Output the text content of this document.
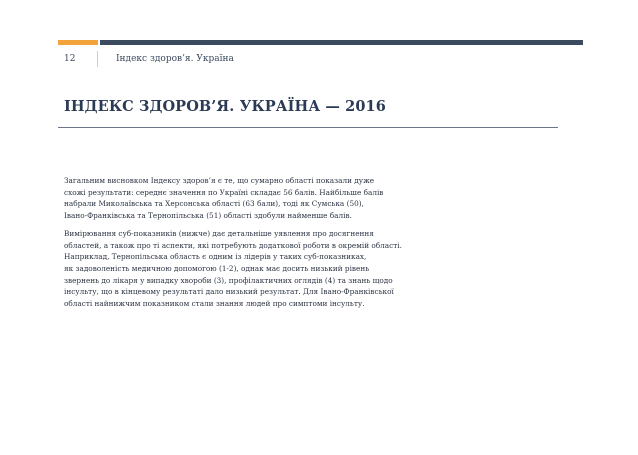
12	Індекс здоров’я. Україна
ІНДЕКС ЗДОРОВ’Я. УКРАЇНА — 2016

Загальним висновком Індексу здоров’я є те, що сумарно області показали дуже
схожі результати: середнє значення по Україні складає 56 балів. Найбільше балів
набрали Миколаївська та Херсонська області (63 бали), тоді як Сумська (50),
Івано-Франківська та Тернопільська (51) області здобули найменше балів.

Вимірювання суб-показників (нижче) дає детальніше уявлення про досягнення
областей, а також про ті аспекти, які потребують додаткової роботи в окремій області.
Наприклад, Тернопільська область є одним із лідерів у таких суб-показниках,
як задоволеність медичною допомогою (1-2), однак має досить низький рівень
звернень до лікаря у випадку хвороби (3), профілактичних оглядів (4) та знань щодо
інсульту, що в кінцевому результаті дало низький результат. Для Івано-Франківської
області найнижчим показником стали знання людей про симптоми інсульту.
